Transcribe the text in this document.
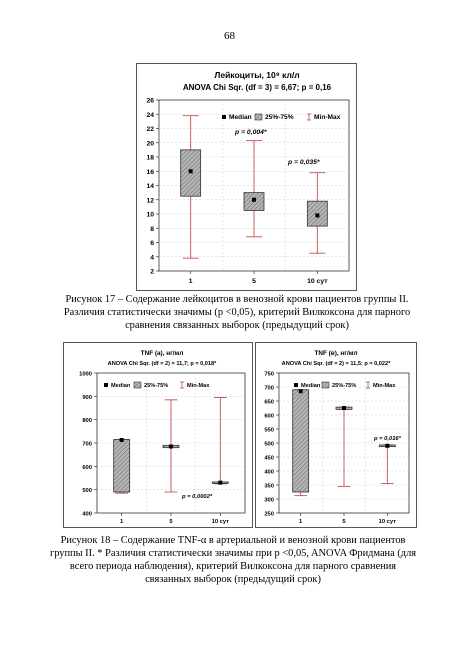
68
Лейкоциты, 10⁹ кл/л
ANOVA Chi Sqr. (df = 3) = 6,67; p = 0,16
2
4
6
8
10
12
14
16
18
20
22
24
26
1	5	10 сут
Median 25%-75%	Min-Max
p = 0,004*
p = 0,035*
Рисунок 17 – Содержание лейкоцитов в венозной крови пациентов группы II. Различия статистически значимы (p <0,05), критерий Вилкоксона для парного сравнения связанных выборок (предыдущий срок)
TNF (a), нг/мл
ANOVA Chi Sqr. (df = 2) = 11,7; p = 0,018*
400
500
600
700
800
900
1000
1	5	10 сут
Median 25%-75%	Min-Max
p = 0,0002*
TNF (в), нг/мл
ANOVA Chi Sqr. (df = 2) = 11,5; p = 0,022*
250
300
350
400
450
500
550
600
650
700
750
1	5	10 сут
Median 25%-75%	Min-Max
p = 0,016*
Рисунок 18 – Содержание TNF-α в артериальной и венозной крови пациентов группы II. * Различия статистически значимы при p <0,05, ANOVA Фридмана (для всего периода наблюдения), критерий Вилкоксона для парного сравнения связанных выборок (предыдущий срок)
